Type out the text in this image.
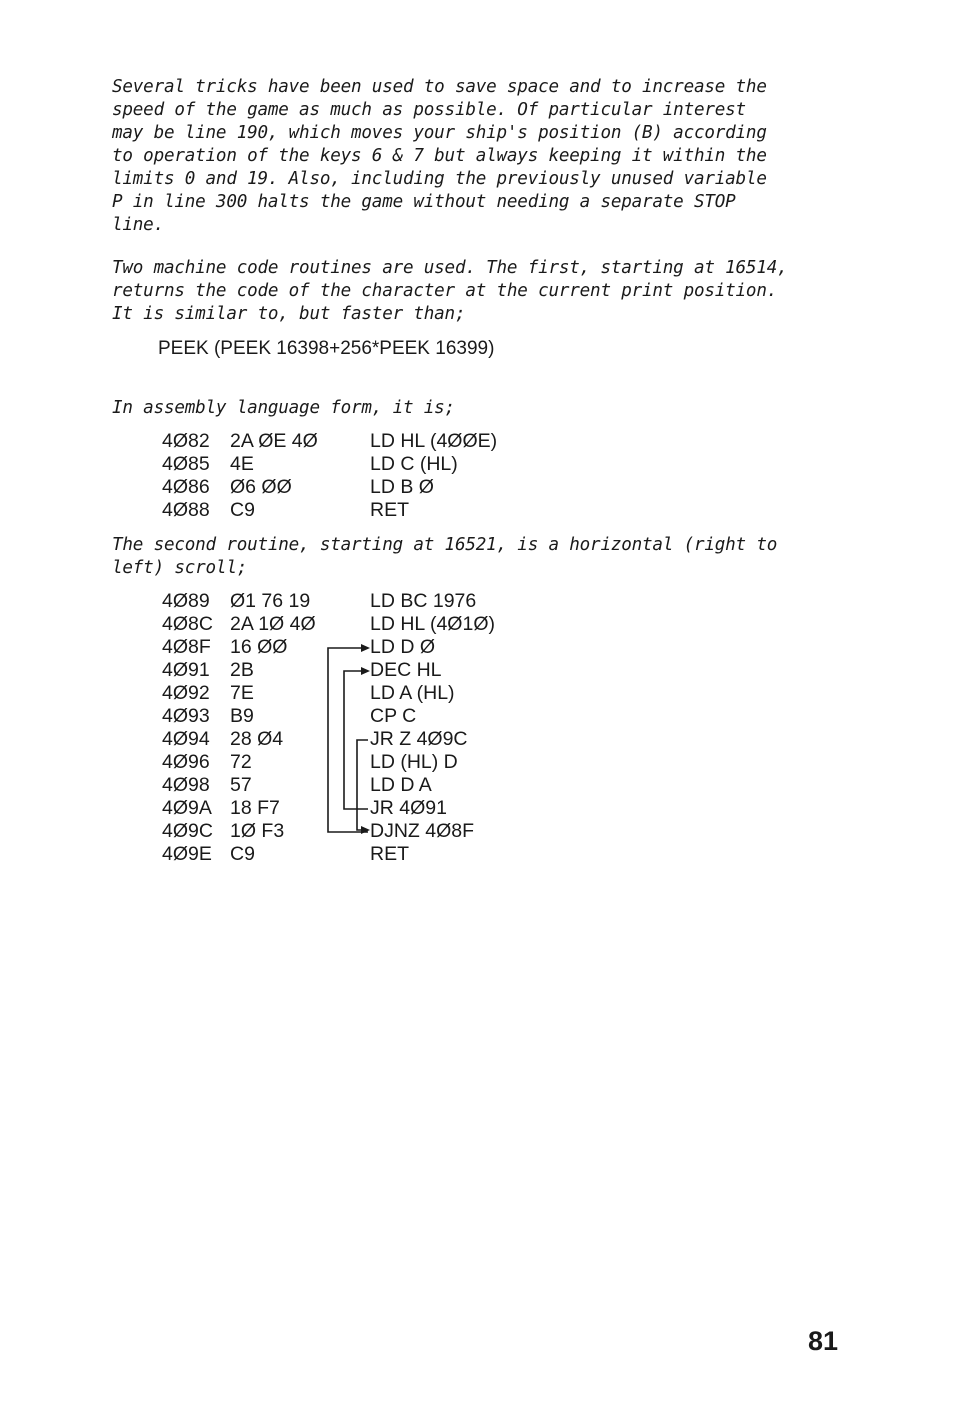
Several tricks have been used to save space and to increase the
speed of the game as much as possible. Of particular interest
may be line 190, which moves your ship's position (B) according
to operation of the keys 6 & 7 but always keeping it within the
limits 0 and 19. Also, including the previously unused variable
P in line 300 halts the game without needing a separate STOP
line.
Two machine code routines are used. The first, starting at 16514,
returns the code of the character at the current print position.
It is similar to, but faster than;
PEEK (PEEK 16398+256*PEEK 16399)
In assembly language form, it is;
4Ø82	2A ØE 4Ø	LD HL (4ØØE)
4Ø85	4E	LD C (HL)
4Ø86	Ø6 ØØ	LD B Ø
4Ø88	C9	RET
The second routine, starting at 16521, is a horizontal (right to
left) scroll;
4Ø89	Ø1 76 19	LD BC 1976
4Ø8C 2A 1Ø 4Ø	LD HL (4Ø1Ø)
4Ø8F 16 ØØ	LD D Ø
4Ø91	2B	DEC HL
4Ø92	7E	LD A (HL)
4Ø93	B9	CP C
4Ø94	28 Ø4	JR Z 4Ø9C
4Ø96	72	LD (HL) D
4Ø98	57	LD D A
4Ø9A 18 F7	JR 4Ø91
4Ø9C 1Ø F3	DJNZ 4Ø8F
4Ø9E C9	RET
81
